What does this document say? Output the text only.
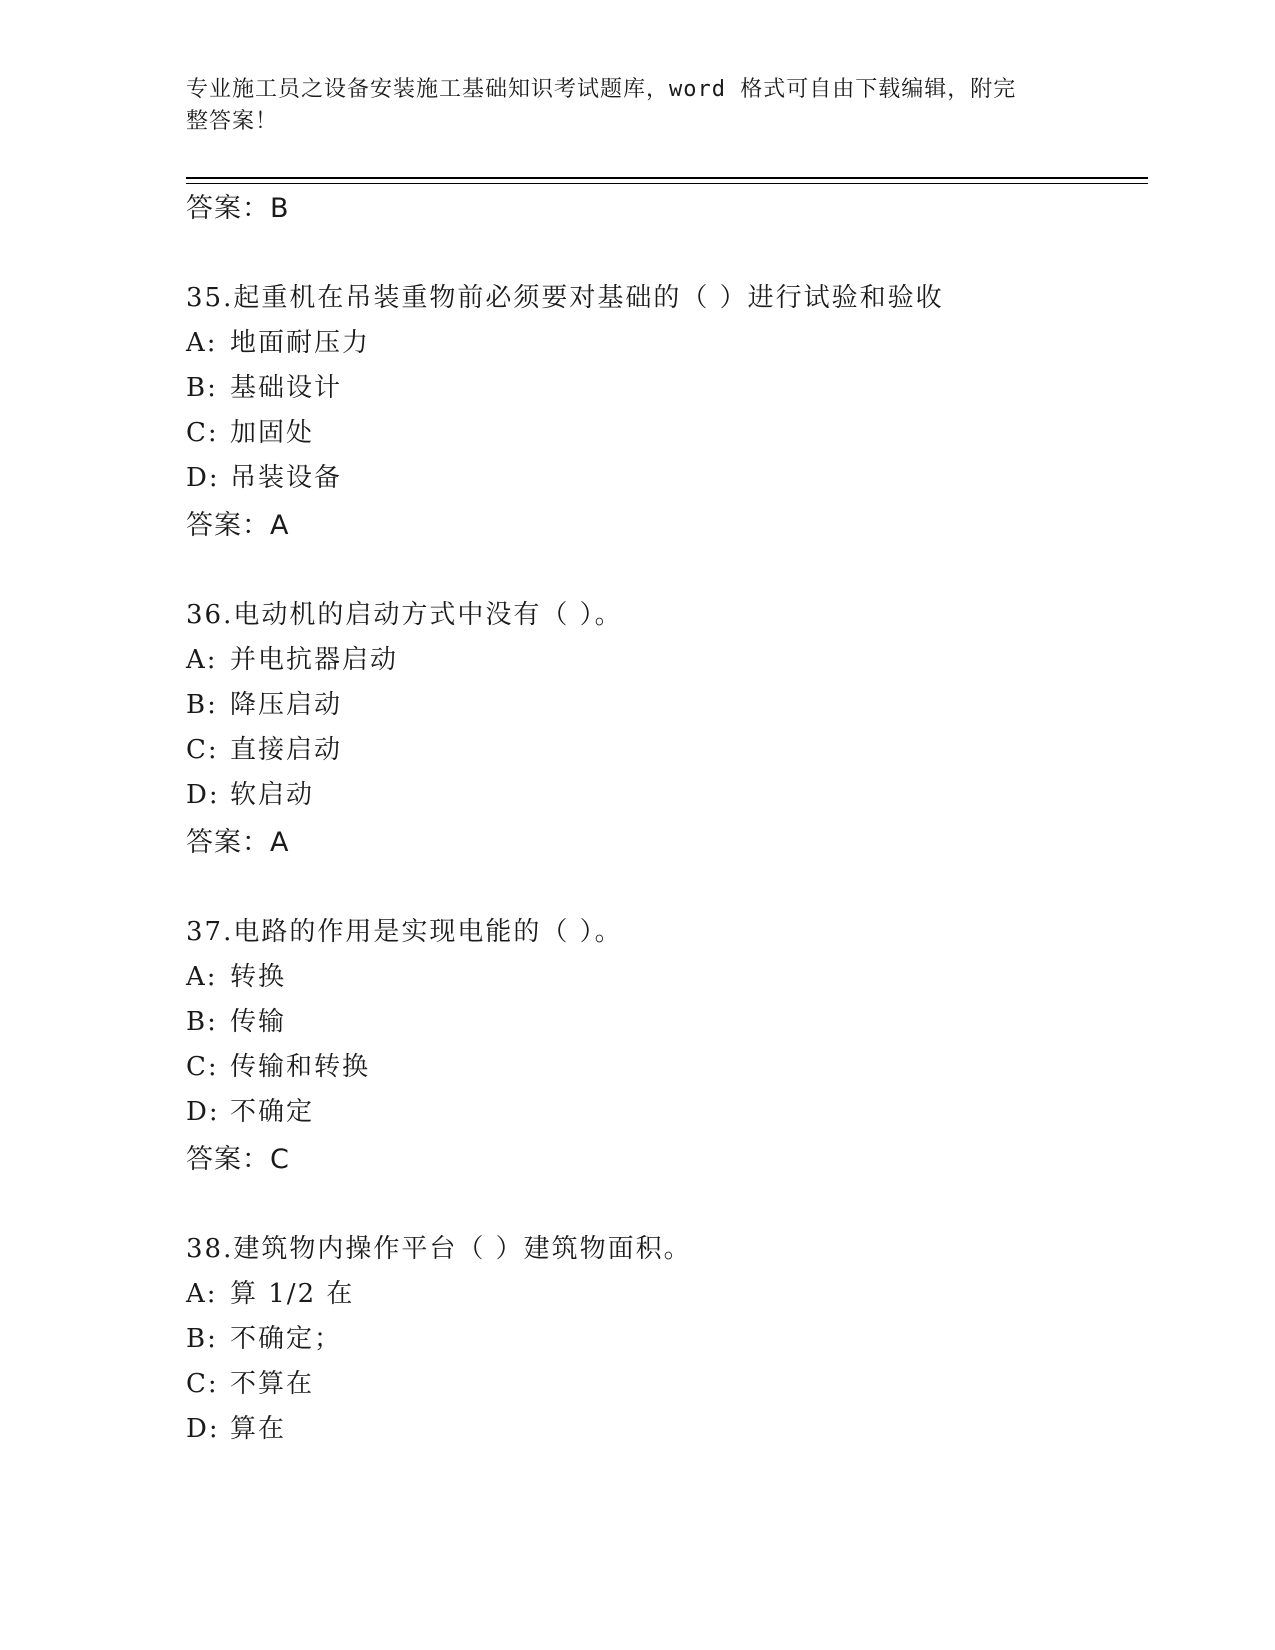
专业施工员之设备安装施工基础知识考试题库，word 格式可自由下载编辑，附完
整答案！
答案：B
35.起重机在吊装重物前必须要对基础的（ ）进行试验和验收
A: 地面耐压力
B: 基础设计
C: 加固处
D: 吊装设备
答案：A
36.电动机的启动方式中没有（ ）。
A: 并电抗器启动
B: 降压启动
C: 直接启动
D: 软启动
答案：A
37.电路的作用是实现电能的（ ）。
A: 转换
B: 传输
C: 传输和转换
D: 不确定
答案：C
38.建筑物内操作平台（ ）建筑物面积。
A: 算 1/2 在
B: 不确定；
C: 不算在
D: 算在
